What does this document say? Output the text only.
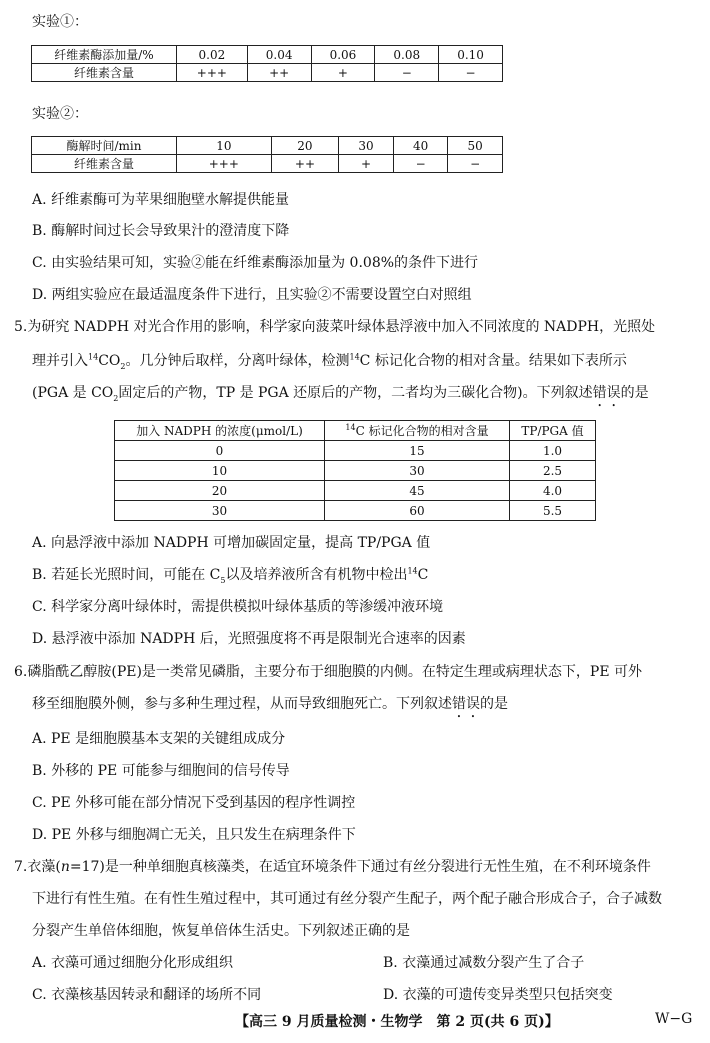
实验①：
纤维素酶添加量/%	0.02	0.04	0.06	0.08	0.10
纤维素含量	+++	++	+	−	−
实验②：
酶解时间/min	10	20	30	40	50
纤维素含量	+++	++	+	−	−
A. 纤维素酶可为苹果细胞壁水解提供能量
B. 酶解时间过长会导致果汁的澄清度下降
C. 由实验结果可知，实验②能在纤维素酶添加量为 0.08%的条件下进行
D. 两组实验应在最适温度条件下进行，且实验②不需要设置空白对照组
5.为研究 NADPH 对光合作用的影响，科学家向菠菜叶绿体悬浮液中加入不同浓度的 NADPH，光照处
理并引入$^{14}CO_2$。几分钟后取样，分离叶绿体，检测$^{14}$C 标记化合物的相对含量。结果如下表所示
(PGA 是 $CO_2$固定后的产物，TP 是 PGA 还原后的产物，二者均为三碳化合物)。下列叙述错误的是
加入 NADPH 的浓度(μmol/L)	$^{14}$C 标记化合物的相对含量	TP/PGA 值
0	15	1.0
10	30	2.5
20	45	4.0
30	60	5.5
A. 向悬浮液中添加 NADPH 可增加碳固定量，提高 TP/PGA 值
B. 若延长光照时间，可能在 $C_5$以及培养液所含有机物中检出$^{14}$C
C. 科学家分离叶绿体时，需提供模拟叶绿体基质的等渗缓冲液环境
D. 悬浮液中添加 NADPH 后，光照强度将不再是限制光合速率的因素
6.磷脂酰乙醇胺(PE)是一类常见磷脂，主要分布于细胞膜的内侧。在特定生理或病理状态下，PE 可外
移至细胞膜外侧，参与多种生理过程，从而导致细胞死亡。下列叙述错误的是
A. PE 是细胞膜基本支架的关键组成成分
B. 外移的 PE 可能参与细胞间的信号传导
C. PE 外移可能在部分情况下受到基因的程序性调控
D. PE 外移与细胞凋亡无关，且只发生在病理条件下
7.衣藻(n=17)是一种单细胞真核藻类，在适宜环境条件下通过有丝分裂进行无性生殖，在不利环境条件
下进行有性生殖。在有性生殖过程中，其可通过有丝分裂产生配子，两个配子融合形成合子，合子减数
分裂产生单倍体细胞，恢复单倍体生活史。下列叙述正确的是
A. 衣藻可通过细胞分化形成组织	B. 衣藻通过减数分裂产生了合子
C. 衣藻核基因转录和翻译的场所不同	D. 衣藻的可遗传变异类型只包括突变
【高三 9 月质量检测・生物学　第 2 页(共 6 页)】	W−G
